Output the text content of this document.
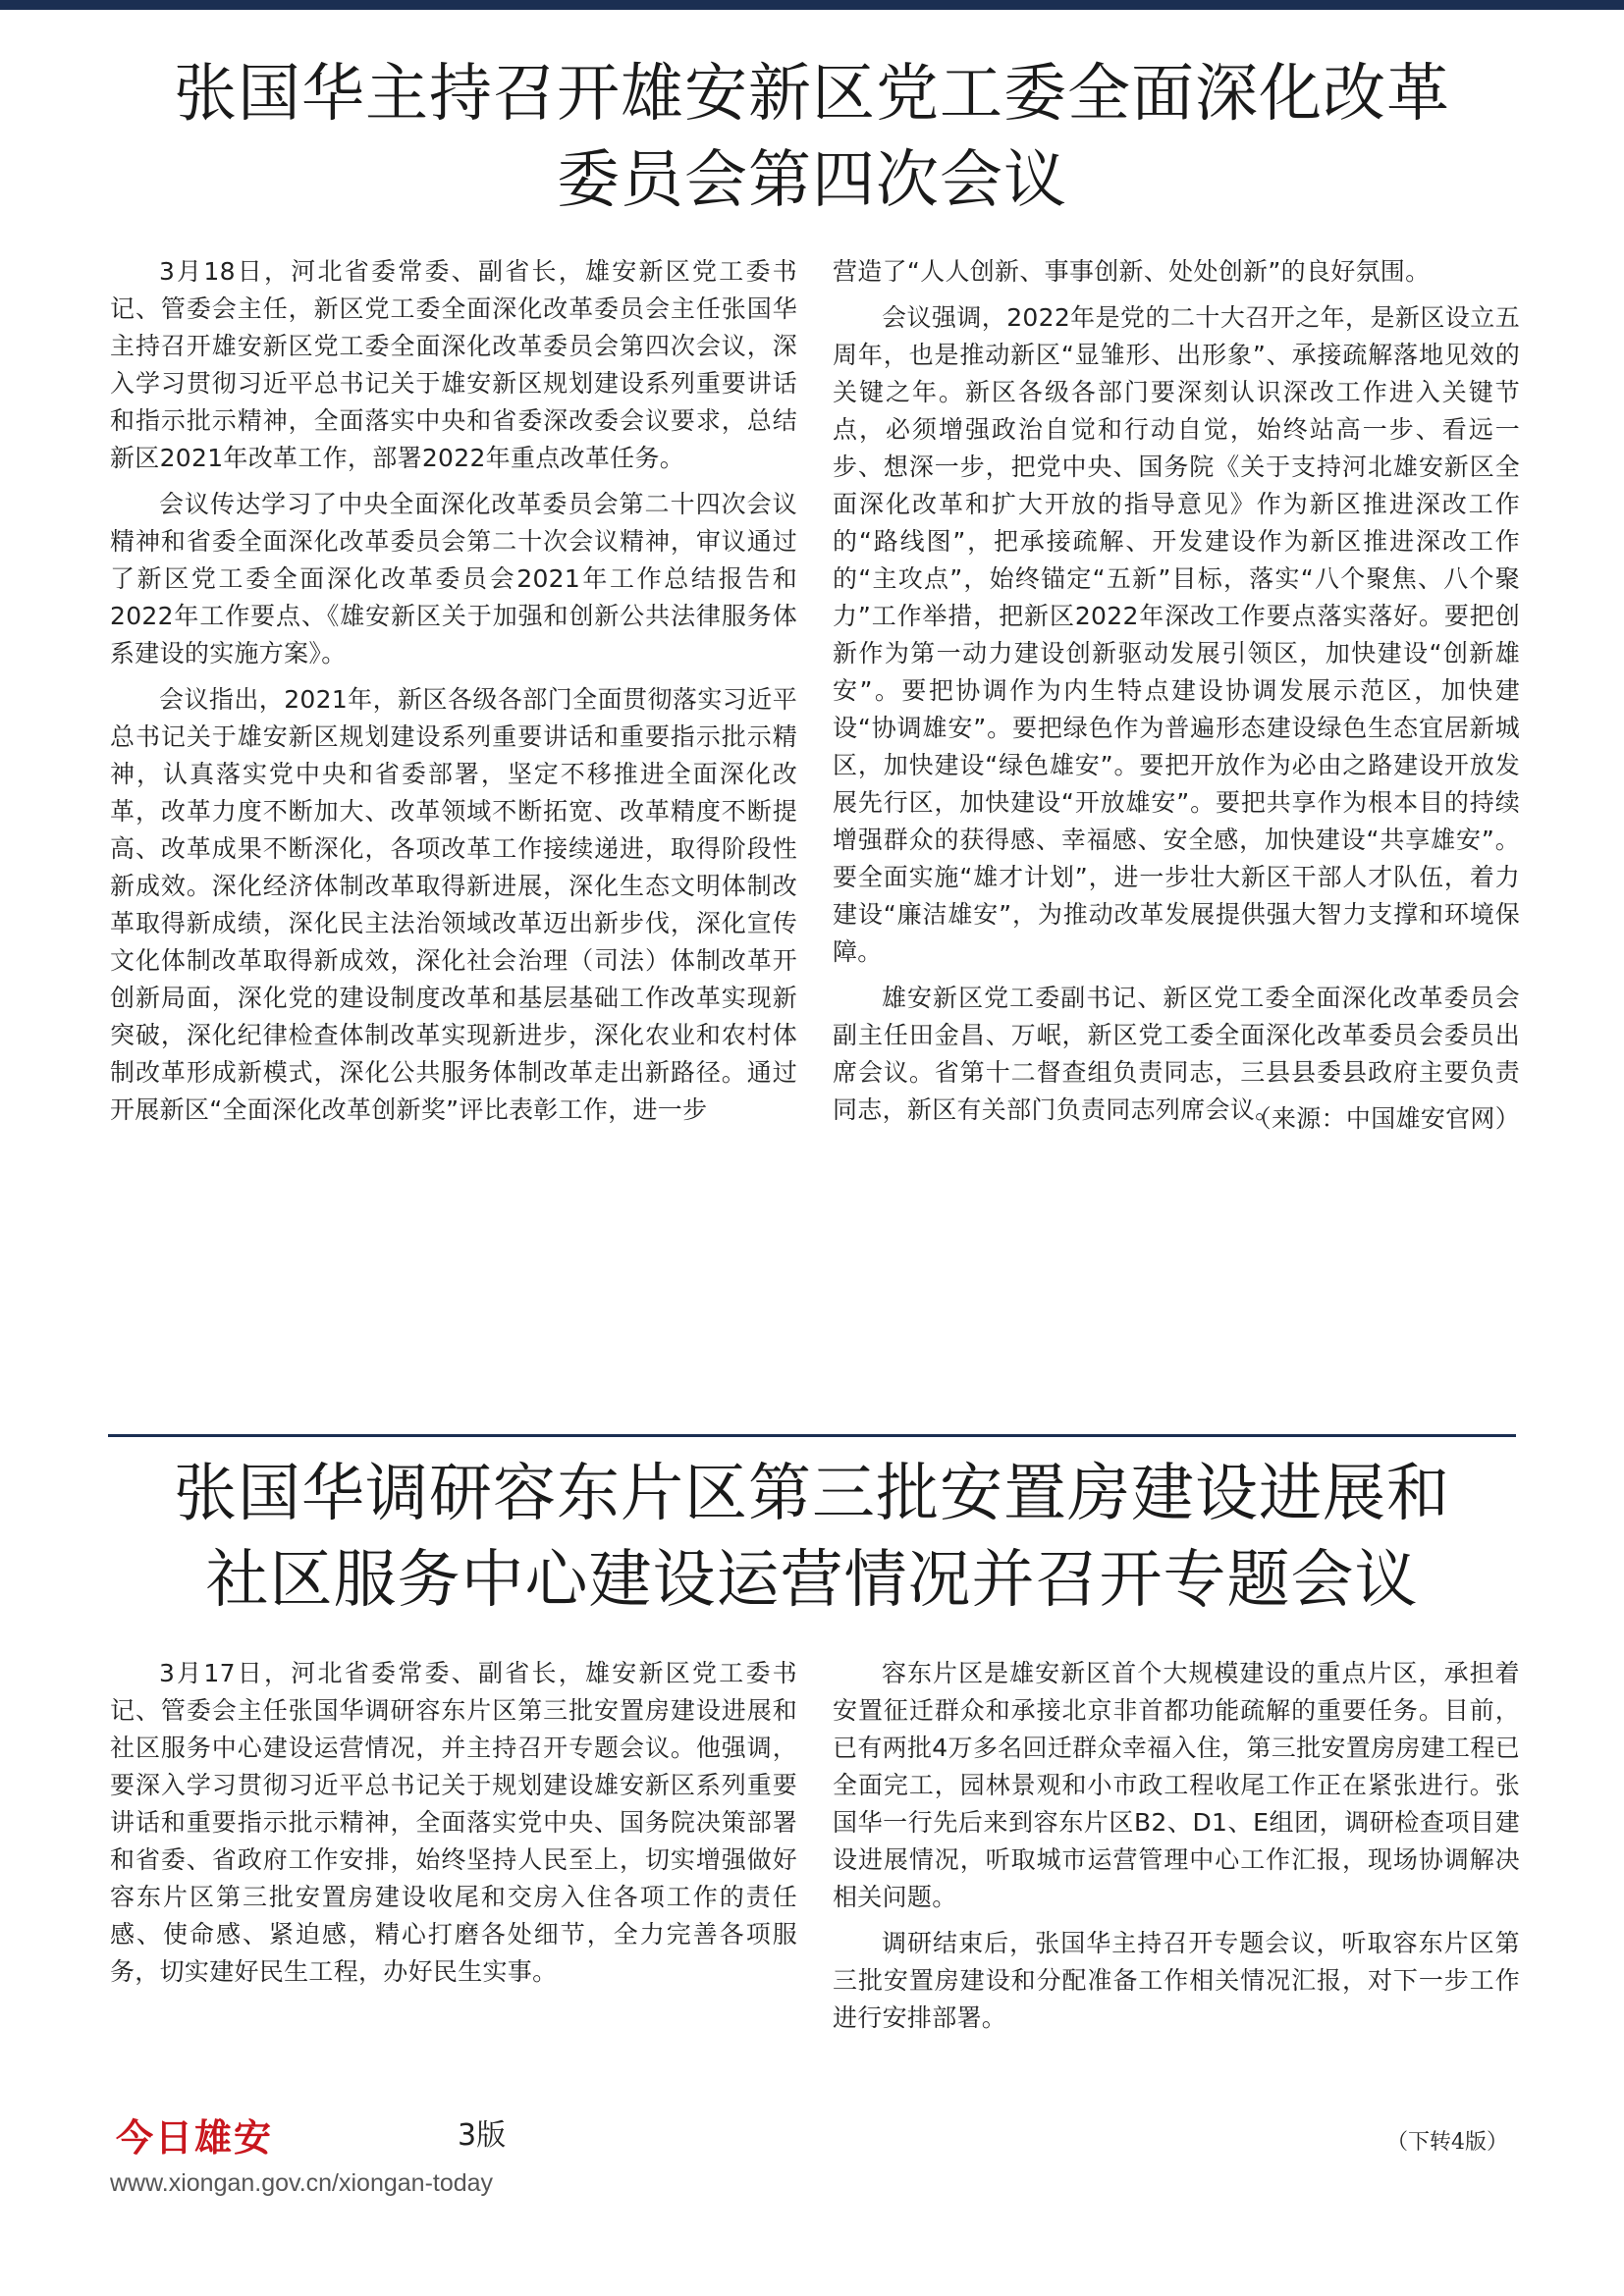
张国华主持召开雄安新区党工委全面深化改革
委员会第四次会议

3月18日，河北省委常委、副省长，雄安新区党工委书记、管委会主任，新区党工委全面深化改革委员会主任张国华主持召开雄安新区党工委全面深化改革委员会第四次会议，深入学习贯彻习近平总书记关于雄安新区规划建设系列重要讲话和指示批示精神，全面落实中央和省委深改委会议要求，总结新区2021年改革工作，部署2022年重点改革任务。

会议传达学习了中央全面深化改革委员会第二十四次会议精神和省委全面深化改革委员会第二十次会议精神，审议通过了新区党工委全面深化改革委员会2021年工作总结报告和2022年工作要点、《雄安新区关于加强和创新公共法律服务体系建设的实施方案》。

会议指出，2021年，新区各级各部门全面贯彻落实习近平总书记关于雄安新区规划建设系列重要讲话和重要指示批示精神，认真落实党中央和省委部署，坚定不移推进全面深化改革，改革力度不断加大、改革领域不断拓宽、改革精度不断提高、改革成果不断深化，各项改革工作接续递进，取得阶段性新成效。深化经济体制改革取得新进展，深化生态文明体制改革取得新成绩，深化民主法治领域改革迈出新步伐，深化宣传文化体制改革取得新成效，深化社会治理（司法）体制改革开创新局面，深化党的建设制度改革和基层基础工作改革实现新突破，深化纪律检查体制改革实现新进步，深化农业和农村体制改革形成新模式，深化公共服务体制改革走出新路径。通过开展新区“全面深化改革创新奖”评比表彰工作，进一步

营造了“人人创新、事事创新、处处创新”的良好氛围。

会议强调，2022年是党的二十大召开之年，是新区设立五周年，也是推动新区“显雏形、出形象”、承接疏解落地见效的关键之年。新区各级各部门要深刻认识深改工作进入关键节点，必须增强政治自觉和行动自觉，始终站高一步、看远一步、想深一步，把党中央、国务院《关于支持河北雄安新区全面深化改革和扩大开放的指导意见》作为新区推进深改工作的“路线图”，把承接疏解、开发建设作为新区推进深改工作的“主攻点”，始终锚定“五新”目标，落实“八个聚焦、八个聚力”工作举措，把新区2022年深改工作要点落实落好。要把创新作为第一动力建设创新驱动发展引领区，加快建设“创新雄安”。要把协调作为内生特点建设协调发展示范区，加快建设“协调雄安”。要把绿色作为普遍形态建设绿色生态宜居新城区，加快建设“绿色雄安”。要把开放作为必由之路建设开放发展先行区，加快建设“开放雄安”。要把共享作为根本目的持续增强群众的获得感、幸福感、安全感，加快建设“共享雄安”。要全面实施“雄才计划”，进一步壮大新区干部人才队伍，着力建设“廉洁雄安”，为推动改革发展提供强大智力支撑和环境保障。

雄安新区党工委副书记、新区党工委全面深化改革委员会副主任田金昌、万岷，新区党工委全面深化改革委员会委员出席会议。省第十二督查组负责同志，三县县委县政府主要负责同志，新区有关部门负责同志列席会议。

（来源：中国雄安官网）
张国华调研容东片区第三批安置房建设进展和
社区服务中心建设运营情况并召开专题会议

3月17日，河北省委常委、副省长，雄安新区党工委书记、管委会主任张国华调研容东片区第三批安置房建设进展和社区服务中心建设运营情况，并主持召开专题会议。他强调，要深入学习贯彻习近平总书记关于规划建设雄安新区系列重要讲话和重要指示批示精神，全面落实党中央、国务院决策部署和省委、省政府工作安排，始终坚持人民至上，切实增强做好容东片区第三批安置房建设收尾和交房入住各项工作的责任感、使命感、紧迫感，精心打磨各处细节，全力完善各项服务，切实建好民生工程，办好民生实事。

容东片区是雄安新区首个大规模建设的重点片区，承担着安置征迁群众和承接北京非首都功能疏解的重要任务。目前，已有两批4万多名回迁群众幸福入住，第三批安置房房建工程已全面完工，园林景观和小市政工程收尾工作正在紧张进行。张国华一行先后来到容东片区B2、D1、E组团，调研检查项目建设进展情况，听取城市运营管理中心工作汇报，现场协调解决相关问题。

调研结束后，张国华主持召开专题会议，听取容东片区第三批安置房建设和分配准备工作相关情况汇报，对下一步工作进行安排部署。

（下转4版）
今日雄安	3版
www.xiongan.gov.cn/xiongan-today
